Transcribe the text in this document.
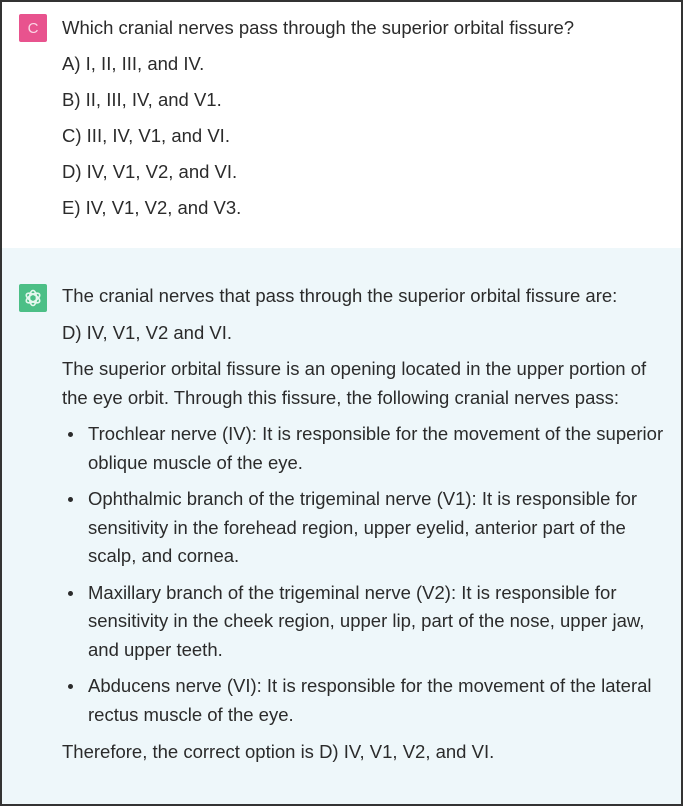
C	Which cranial nerves pass through the superior orbital fissure?
A) I, II, III, and IV.
B) II, III, IV, and V1.
C) III, IV, V1, and VI.
D) IV, V1, V2, and VI.
E) IV, V1, V2, and V3.

The cranial nerves that pass through the superior orbital fissure are:

D) IV, V1, V2 and VI.

The superior orbital fissure is an opening located in the upper portion of the eye orbit. Through this fissure, the following cranial nerves pass:

Trochlear nerve (IV): It is responsible for the movement of the superior oblique muscle of the eye.
Ophthalmic branch of the trigeminal nerve (V1): It is responsible for sensitivity in the forehead region, upper eyelid, anterior part of the scalp, and cornea.
Maxillary branch of the trigeminal nerve (V2): It is responsible for sensitivity in the cheek region, upper lip, part of the nose, upper jaw, and upper teeth.
Abducens nerve (VI): It is responsible for the movement of the lateral rectus muscle of the eye.

Therefore, the correct option is D) IV, V1, V2, and VI.
